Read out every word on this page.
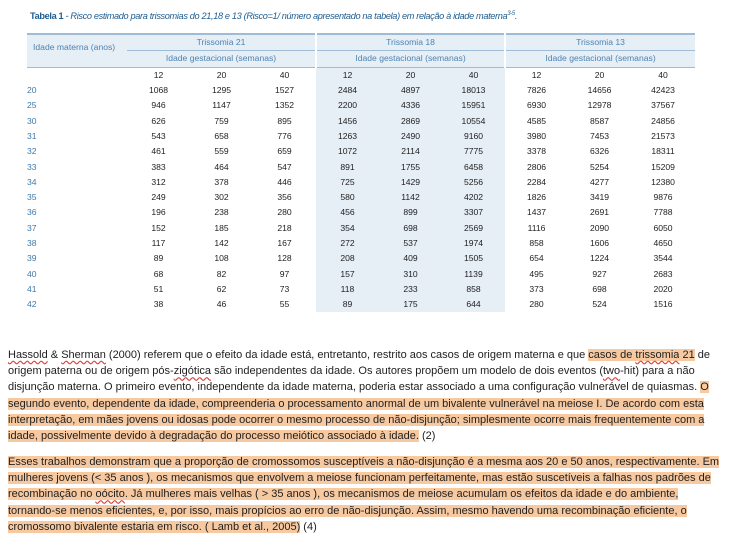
Tabela 1 - Risco estimado para trissomias do 21,18 e 13 (Risco=1/ número apresentado na tabela) em relação à idade materna$^{3-5}$.
Idade materna (anos)	Trissomia 21			Trissomia 18			Trissomia 13		
	Idade gestacional (semanas)			Idade gestacional (semanas)			Idade gestacional (semanas)		
	12	20	40	12	20	40	12	20	40
20	1068	1295	1527	2484	4897	18013	7826	14656	42423
25	946	1147	1352	2200	4336	15951	6930	12978	37567
30	626	759	895	1456	2869	10554	4585	8587	24856
31	543	658	776	1263	2490	9160	3980	7453	21573
32	461	559	659	1072	2114	7775	3378	6326	18311
33	383	464	547	891	1755	6458	2806	5254	15209
34	312	378	446	725	1429	5256	2284	4277	12380
35	249	302	356	580	1142	4202	1826	3419	9876
36	196	238	280	456	899	3307	1437	2691	7788
37	152	185	218	354	698	2569	1116	2090	6050
38	117	142	167	272	537	1974	858	1606	4650
39	89	108	128	208	409	1505	654	1224	3544
40	68	82	97	157	310	1139	495	927	2683
41	51	62	73	118	233	858	373	698	2020
42	38	46	55	89	175	644	280	524	1516

Hassold & Sherman (2000) referem que o efeito da idade está, entretanto, restrito aos casos de origem materna e que casos de trissomia 21 de origem paterna ou de origem pós-zigótica são independentes da idade. Os autores propõem um modelo de dois eventos (two-hit) para a não disjunção materna. O primeiro evento, independente da idade materna, poderia estar associado a uma configuração vulnerável de quiasmas. O segundo evento, dependente da idade, compreenderia o processamento anormal de um bivalente vulnerável na meiose I. De acordo com esta interpretação, em mães jovens ou idosas pode ocorrer o mesmo processo de não-disjunção; simplesmente ocorre mais frequentemente com a idade, possivelmente devido à degradação do processo meiótico associado à idade. (2)

Esses trabalhos demonstram que a proporção de cromossomos susceptíveis a não-disjunção é a mesma aos 20 e 50 anos, respectivamente. Em mulheres jovens (< 35 anos ), os mecanismos que envolvem a meiose funcionam perfeitamente, mas estão suscetíveis a falhas nos padrões de recombinação no oócito. Já mulheres mais velhas ( > 35 anos ), os mecanismos de meiose acumulam os efeitos da idade e do ambiente, tornando-se menos eficientes, e, por isso, mais propícios ao erro de não-disjunção. Assim, mesmo havendo uma recombinação eficiente, o cromossomo bivalente estaria em risco. ( Lamb et al., 2005) (4)
